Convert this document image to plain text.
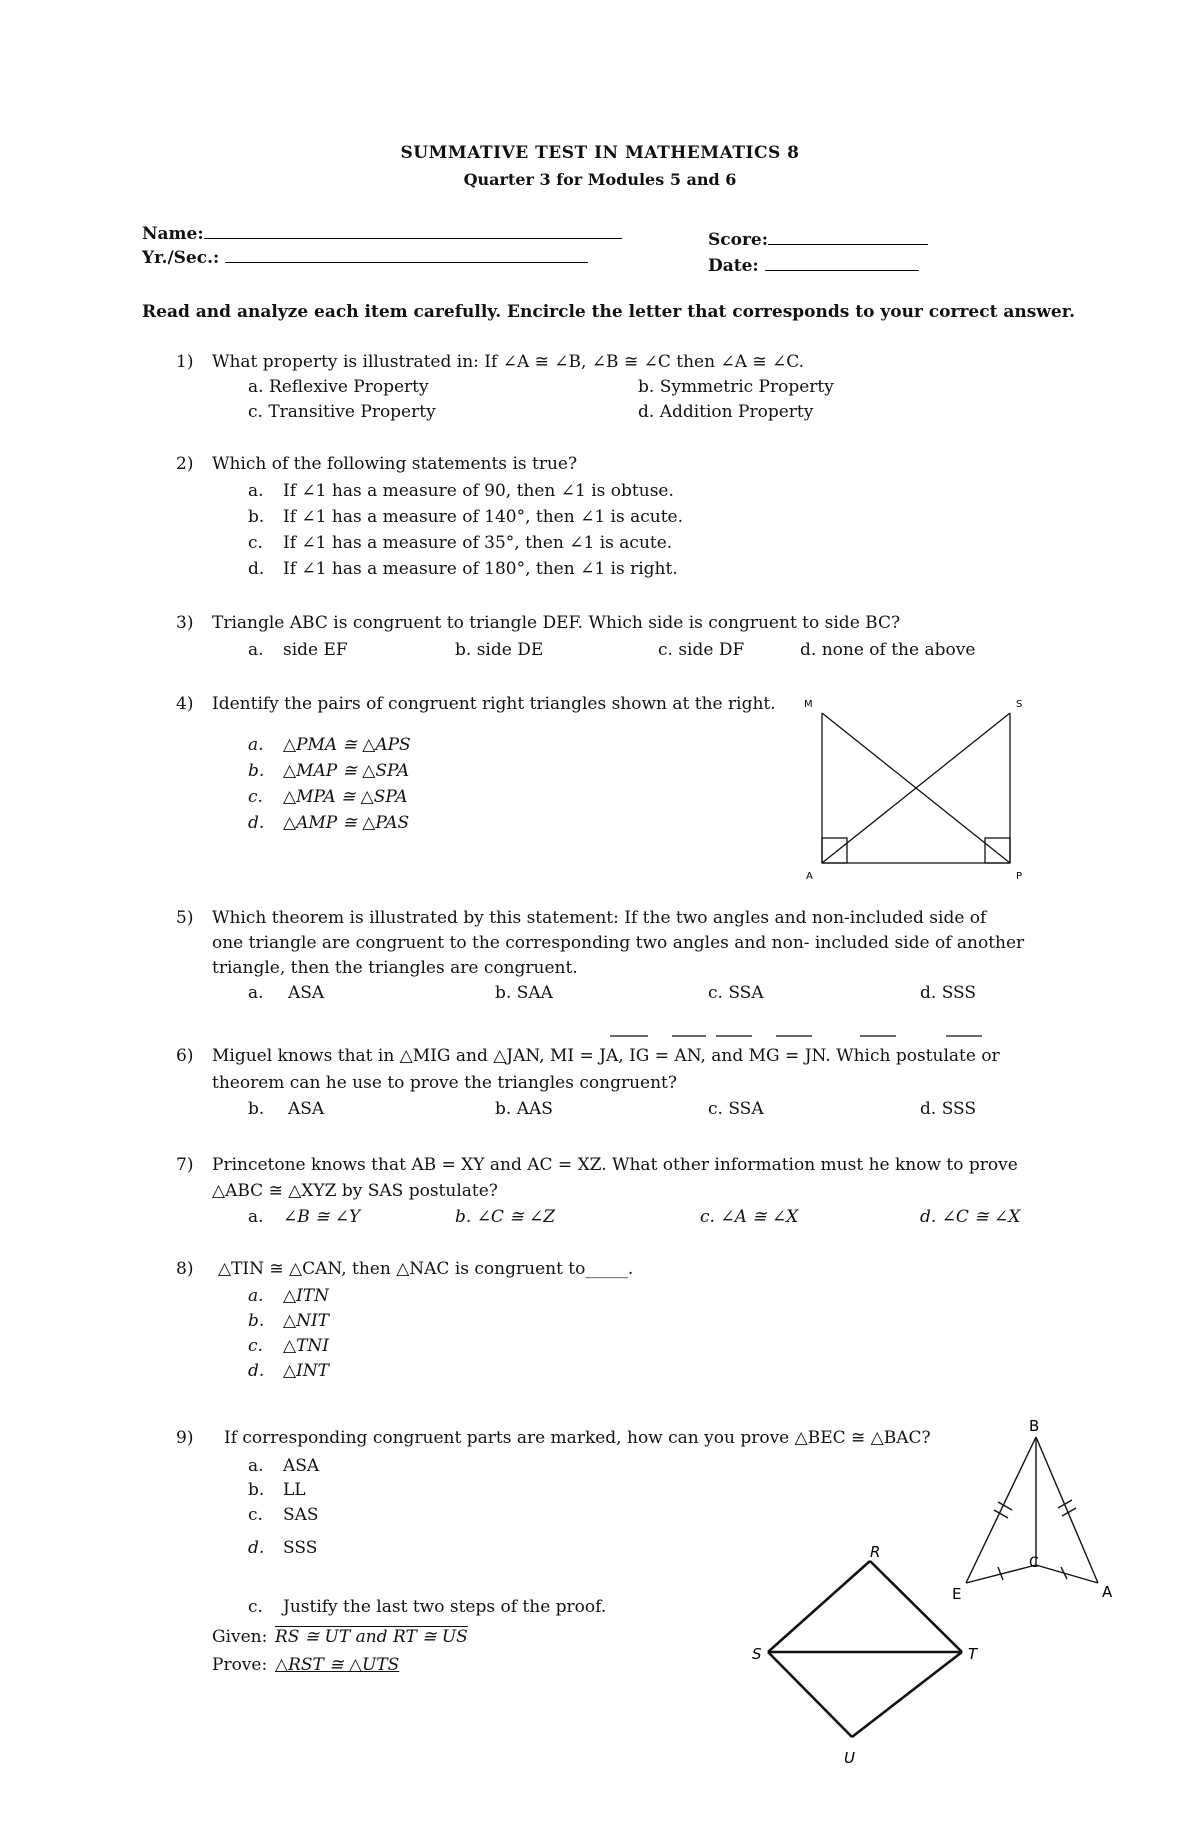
SUMMATIVE TEST IN MATHEMATICS 8
Quarter 3 for Modules 5 and 6
Name:
Yr./Sec.:
Score:
Date:
Read and analyze each item carefully. Encircle the letter that corresponds to your correct answer.
1) What property is illustrated in: If ∠A ≅ ∠B, ∠B ≅ ∠C then ∠A ≅ ∠C.
a. Reflexive Property	b. Symmetric Property
c. Transitive Property	d. Addition Property
2) Which of the following statements is true?
a. If ∠1 has a measure of 90, then ∠1 is obtuse.
b. If ∠1 has a measure of 140°, then ∠1 is acute.
c. If ∠1 has a measure of 35°, then ∠1 is acute.
d. If ∠1 has a measure of 180°, then ∠1 is right.
3) Triangle ABC is congruent to triangle DEF. Which side is congruent to side BC?
a. side EF	b. side DE	c. side DF	d. none of the above
4) Identify the pairs of congruent right triangles shown at the right.
a. △PMA ≅ △APS
b. △MAP ≅ △SPA
c. △MPA ≅ △SPA
d. △AMP ≅ △PAS
M	S
A	P
5) Which theorem is illustrated by this statement: If the two angles and non-included side of
one triangle are congruent to the corresponding two angles and non- included side of another
triangle, then the triangles are congruent.
a. ASA	b. SAA	c. SSA	d. SSS
6) Miguel knows that in △MIG and △JAN, MI = JA, IG = AN, and MG = JN. Which postulate or
theorem can he use to prove the triangles congruent?
b. ASA	b. AAS	c. SSA	d. SSS
7) Princetone knows that AB = XY and AC = XZ. What other information must he know to prove
△ABC ≅ △XYZ by SAS postulate?
a. ∠B ≅ ∠Y	b. ∠C ≅ ∠Z	c. ∠A ≅ ∠X	d. ∠C ≅ ∠X
8) △TIN ≅ △CAN, then △NAC is congruent to_____.
a. △ITN
b. △NIT
c. △TNI
d. △INT
9) If corresponding congruent parts are marked, how can you prove △BEC ≅ △BAC?
a. ASA
b. LL
c. SAS
d. SSS
B
C
E	A
c. Justify the last two steps of the proof.
Given: RS ≅ UT and RT ≅ US
Prove: △RST ≅ △UTS
R
S	T
U
